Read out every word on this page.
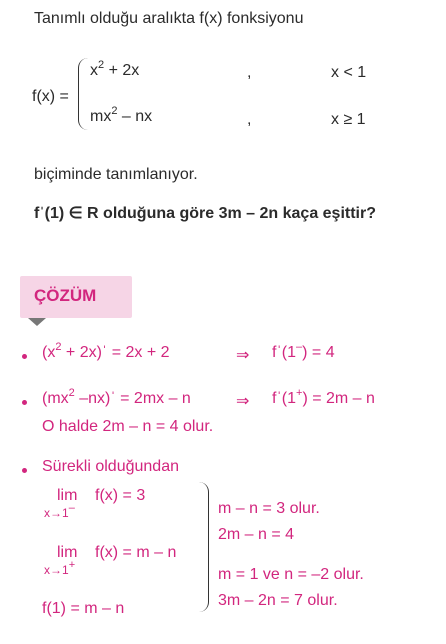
Tanımlı olduğu aralıkta f(x) fonksiyonu
f(x) =
$x^2 + 2x$	,	x < 1
$mx^2$ – nx	,	x ≥ 1
biçiminde tanımlanıyor.
fˈ(1) ∈ R olduğuna göre 3m – 2n kaça eşittir?
ÇÖZÜM
($x^2$ + 2x)ˈ = 2x + 2	⇒ fˈ(1–) = 4
($mx^2$ –nx)ˈ = 2mx – n	⇒ fˈ(1+) = 2m – n
O halde 2m – n = 4 olur.
Sürekli olduğundan
lim
x→1–
f(x) = 3
lim
x→1+
f(x) = m – n
f(1) = m – n
m – n = 3 olur.
2m – n = 4
m = 1 ve n = –2 olur.
3m – 2n = 7 olur.
